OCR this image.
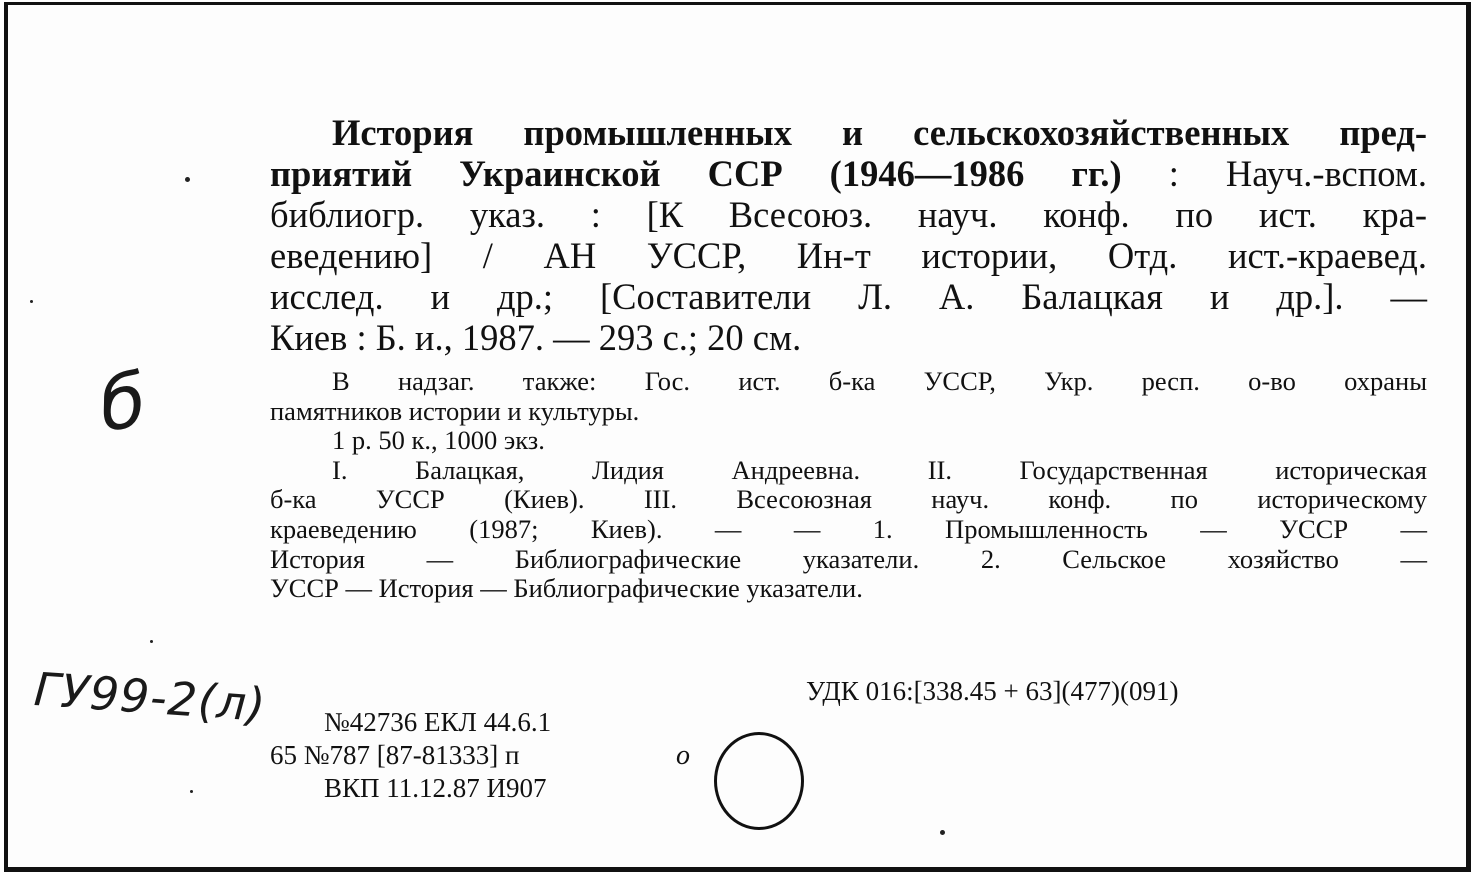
История промышленных и сельскохозяйственных пред-
приятий Украинской ССР (1946—1986 гг.) : Науч.-вспом.
библиогр. указ. : [К Всесоюз. науч. конф. по ист. кра-
еведению] / АН УССР, Ин-т истории, Отд. ист.-краевед.
исслед. и др.; [Составители Л. А. Балацкая и др.]. —
Киев : Б. и., 1987. — 293 с.; 20 см.
В надзаг. также: Гос. ист. б-ка УССР, Укр. респ. о-во охраны
памятников истории и культуры.
1 р. 50 к., 1000 экз.
I. Балацкая, Лидия Андреевна. II. Государственная историческая
б-ка УССР (Киев). III. Всесоюзная науч. конф. по историческому
краеведению (1987; Киев). — — 1. Промышленность — УССР —
История — Библиографические указатели. 2. Сельское хозяйство —
УССР — История — Библиографические указатели.
УДК 016:[338.45 + 63](477)(091)
№42736 ЕКЛ 44.6.1
65 №787 [87-81333] п
ВКП 11.12.87 И907
ГУ99-2(л)
б
о
